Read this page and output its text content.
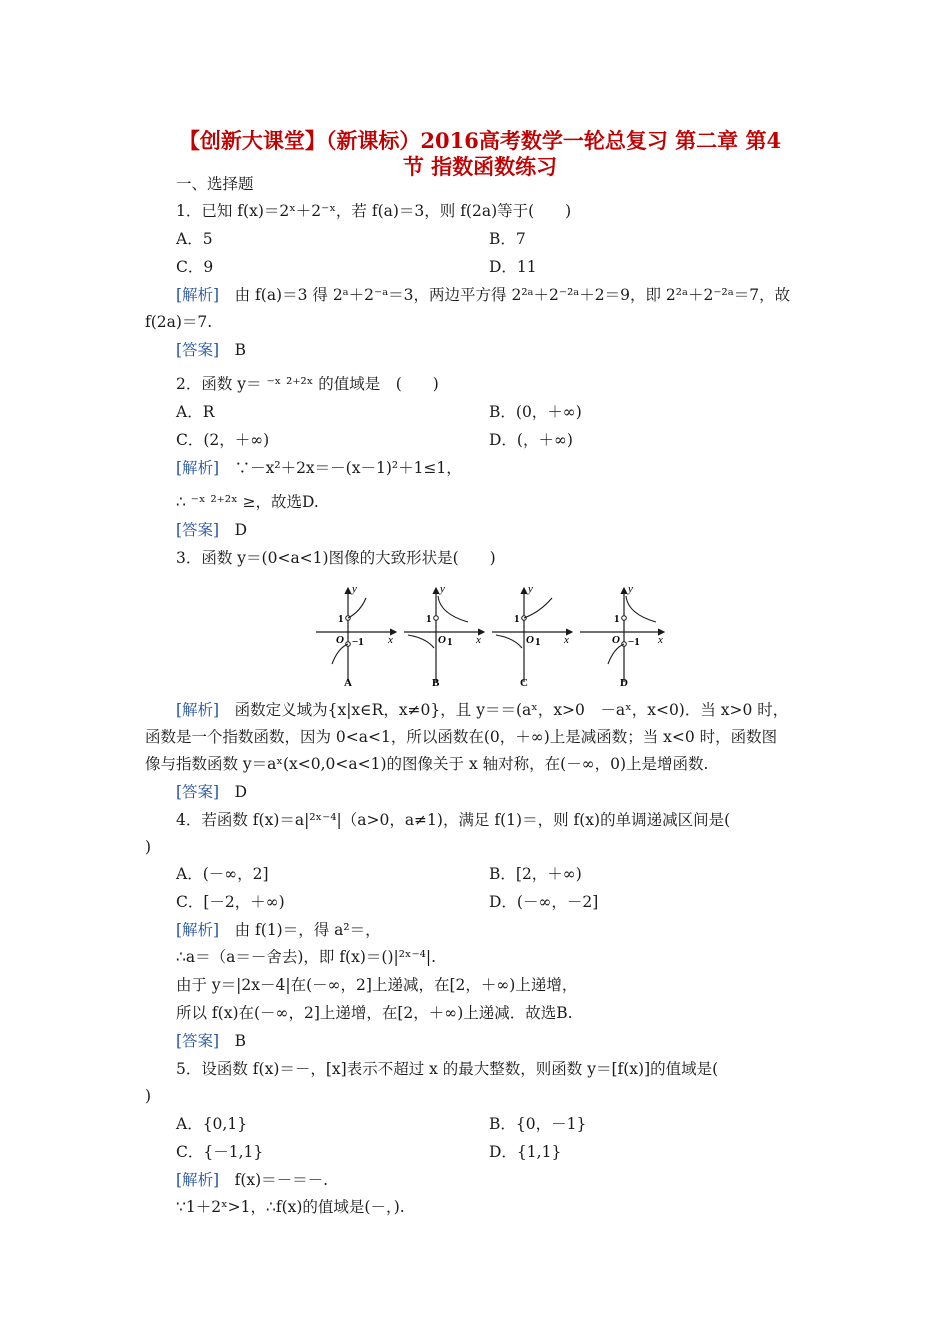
【创新大课堂】（新课标）2016高考数学一轮总复习 第二章 第4
节 指数函数练习
一、选择题
1．已知 f(x)＝2ˣ＋2⁻ˣ，若 f(a)＝3，则 f(2a)等于(　　)
A．5	B．7
C．9	D．11
[解析]　由 f(a)＝3 得 2ᵃ＋2⁻ᵃ＝3，两边平方得 2²ᵃ＋2⁻²ᵃ＋2＝9，即 2²ᵃ＋2⁻²ᵃ＝7，故
f(2a)＝7.
[答案]　B
2．函数 y＝ ⁻ˣ ²⁺²ˣ 的值域是　(　　)
A．R	B．(0，＋∞)
C．(2，＋∞)	D．(，＋∞)
[解析]　∵－x²＋2x＝－(x－1)²＋1≤1，
∴ ⁻ˣ ²⁺²ˣ ≥，故选D.
[答案]　D
3．函数 y＝(0<a<1)图像的大致形状是(　　)
y
x
O
1
−1
A
y
x
O
1
1
B
y
x
O
1
1
C
y
x
O
1
−1
D
[解析]　函数定义域为{x|x∈R，x≠0}，且 y＝＝(aˣ，x>0　－aˣ，x<0)．当 x>0 时，
函数是一个指数函数，因为 0<a<1，所以函数在(0，＋∞)上是减函数；当 x<0 时，函数图
像与指数函数 y＝aˣ(x<0,0<a<1)的图像关于 x 轴对称，在(－∞，0)上是增函数.
[答案]　D
4．若函数 f(x)＝a|²ˣ⁻⁴|（a>0，a≠1)，满足 f(1)＝，则 f(x)的单调递减区间是(
)
A．(－∞，2]	B．[2，＋∞)
C．[－2，＋∞)	D．(－∞，－2]
[解析]　由 f(1)＝，得 a²＝，
∴a＝（a＝－舍去)，即 f(x)＝()|²ˣ⁻⁴|.
由于 y＝|2x－4|在(－∞，2]上递减，在[2，＋∞)上递增，
所以 f(x)在(－∞，2]上递增，在[2，＋∞)上递减．故选B.
[答案]　B
5．设函数 f(x)＝－，[x]表示不超过 x 的最大整数，则函数 y＝[f(x)]的值域是(
)
A．{0,1}	B．{0，－1}
C．{－1,1}	D．{1,1}
[解析]　f(x)＝－＝－.
∵1＋2ˣ>1，∴f(x)的值域是(－，).
